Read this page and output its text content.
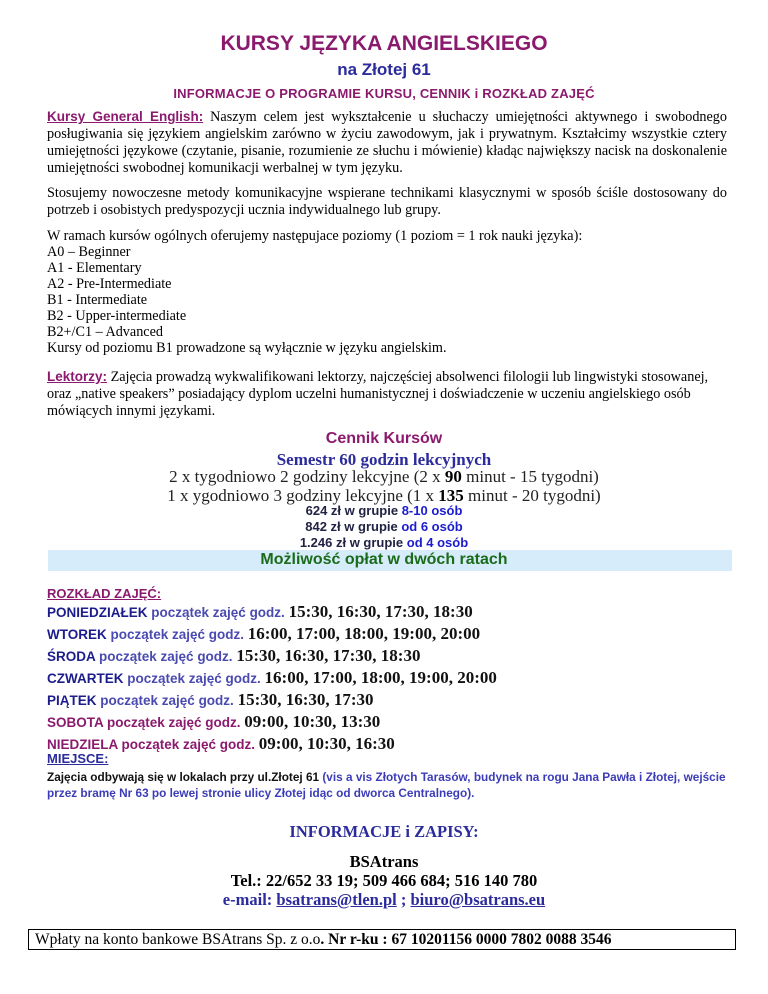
KURSY JĘZYKA ANGIELSKIEGO
na Złotej 61
INFORMACJE O PROGRAMIE KURSU, CENNIK i ROZKŁAD ZAJĘĆ
Kursy General English: Naszym celem jest wykształcenie u słuchaczy umiejętności aktywnego i swobodnego posługiwania się językiem angielskim zarówno w życiu zawodowym, jak i prywatnym. Kształcimy wszystkie cztery umiejętności językowe (czytanie, pisanie, rozumienie ze słuchu i mówienie) kładąc największy nacisk na doskonalenie umiejętności swobodnej komunikacji werbalnej w tym języku.
Stosujemy nowoczesne metody komunikacyjne wspierane technikami klasycznymi w sposób ściśle dostosowany do potrzeb i osobistych predyspozycji ucznia indywidualnego lub grupy.
W ramach kursów ogólnych oferujemy następujace poziomy (1 poziom = 1 rok nauki języka):
A0 – Beginner
A1 - Elementary
A2 - Pre-Intermediate
B1 - Intermediate
B2 - Upper-intermediate
B2+/C1 – Advanced
Kursy od poziomu B1 prowadzone są wyłącznie w języku angielskim.
Lektorzy: Zajęcia prowadzą wykwalifikowani lektorzy, najczęściej absolwenci filologii lub lingwistyki stosowanej, oraz „native speakers” posiadający dyplom uczelni humanistycznej i doświadczenie w uczeniu angielskiego osób mówiących innymi językami.
Cennik Kursów
Semestr 60 godzin lekcyjnych
2 x tygodniowo 2 godziny lekcyjne (2 x 90 minut - 15 tygodni)
1 x ygodniowo 3 godziny lekcyjne (1 x 135 minut - 20 tygodni)
624 zł w grupie 8-10 osób
842 zł w grupie od 6 osób
1.246 zł w grupie od 4 osób
Możliwość opłat w dwóch ratach
ROZKŁAD ZAJĘĆ:
PONIEDZIAŁEK początek zajęć godz. 15:30, 16:30, 17:30, 18:30
WTOREK początek zajęć godz. 16:00, 17:00, 18:00, 19:00, 20:00
ŚRODA początek zajęć godz. 15:30, 16:30, 17:30, 18:30
CZWARTEK początek zajęć godz. 16:00, 17:00, 18:00, 19:00, 20:00
PIĄTEK początek zajęć godz. 15:30, 16:30, 17:30
SOBOTA początek zajęć godz. 09:00, 10:30, 13:30
NIEDZIELA początek zajęć godz. 09:00, 10:30, 16:30
MIEJSCE:
Zajęcia odbywają się w lokalach przy ul.Złotej 61 (vis a vis Złotych Tarasów, budynek na rogu Jana Pawła i Złotej, wejście przez bramę Nr 63 po lewej stronie ulicy Złotej idąc od dworca Centralnego).
INFORMACJE i ZAPISY:
BSAtrans
Tel.: 22/652 33 19; 509 466 684; 516 140 780
e-mail: bsatrans@tlen.pl ; biuro@bsatrans.eu
Wpłaty na konto bankowe BSAtrans Sp. z o.o. Nr r-ku : 67 10201156 0000 7802 0088 3546
